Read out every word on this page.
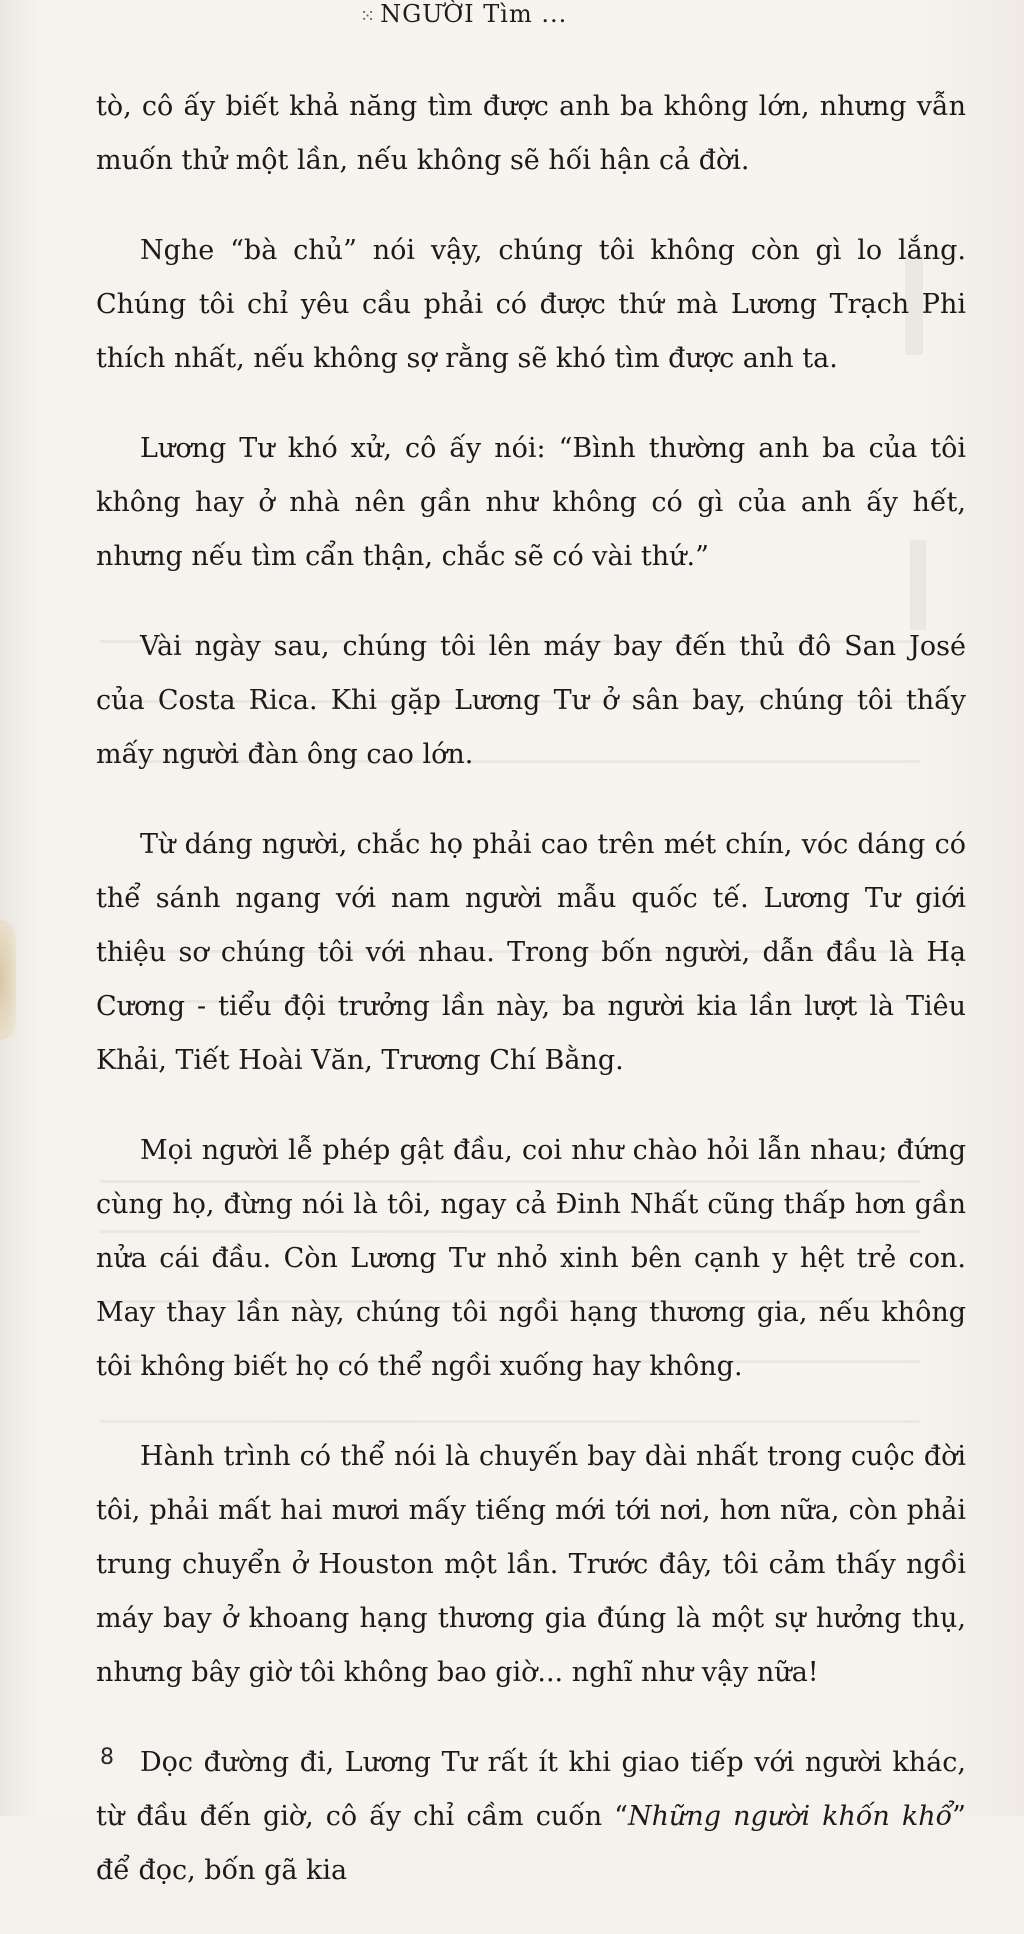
⁙ NGƯỜI Tìm ...

tò, cô ấy biết khả năng tìm được anh ba không lớn, nhưng vẫn muốn thử một lần, nếu không sẽ hối hận cả đời.

Nghe “bà chủ” nói vậy, chúng tôi không còn gì lo lắng. Chúng tôi chỉ yêu cầu phải có được thứ mà Lương Trạch Phi thích nhất, nếu không sợ rằng sẽ khó tìm được anh ta.

Lương Tư khó xử, cô ấy nói: “Bình thường anh ba của tôi không hay ở nhà nên gần như không có gì của anh ấy hết, nhưng nếu tìm cẩn thận, chắc sẽ có vài thứ.”

Vài ngày sau, chúng tôi lên máy bay đến thủ đô San José của Costa Rica. Khi gặp Lương Tư ở sân bay, chúng tôi thấy mấy người đàn ông cao lớn.

Từ dáng người, chắc họ phải cao trên mét chín, vóc dáng có thể sánh ngang với nam người mẫu quốc tế. Lương Tư giới thiệu sơ chúng tôi với nhau. Trong bốn người, dẫn đầu là Hạ Cương - tiểu đội trưởng lần này, ba người kia lần lượt là Tiêu Khải, Tiết Hoài Văn, Trương Chí Bằng.

Mọi người lễ phép gật đầu, coi như chào hỏi lẫn nhau; đứng cùng họ, đừng nói là tôi, ngay cả Đinh Nhất cũng thấp hơn gần nửa cái đầu. Còn Lương Tư nhỏ xinh bên cạnh y hệt trẻ con. May thay lần này, chúng tôi ngồi hạng thương gia, nếu không tôi không biết họ có thể ngồi xuống hay không.

Hành trình có thể nói là chuyến bay dài nhất trong cuộc đời tôi, phải mất hai mươi mấy tiếng mới tới nơi, hơn nữa, còn phải trung chuyển ở Houston một lần. Trước đây, tôi cảm thấy ngồi máy bay ở khoang hạng thương gia đúng là một sự hưởng thụ, nhưng bây giờ tôi không bao giờ... nghĩ như vậy nữa!

Dọc đường đi, Lương Tư rất ít khi giao tiếp với người khác, từ đầu đến giờ, cô ấy chỉ cầm cuốn “Những người khốn khổ” để đọc, bốn gã kia

8
